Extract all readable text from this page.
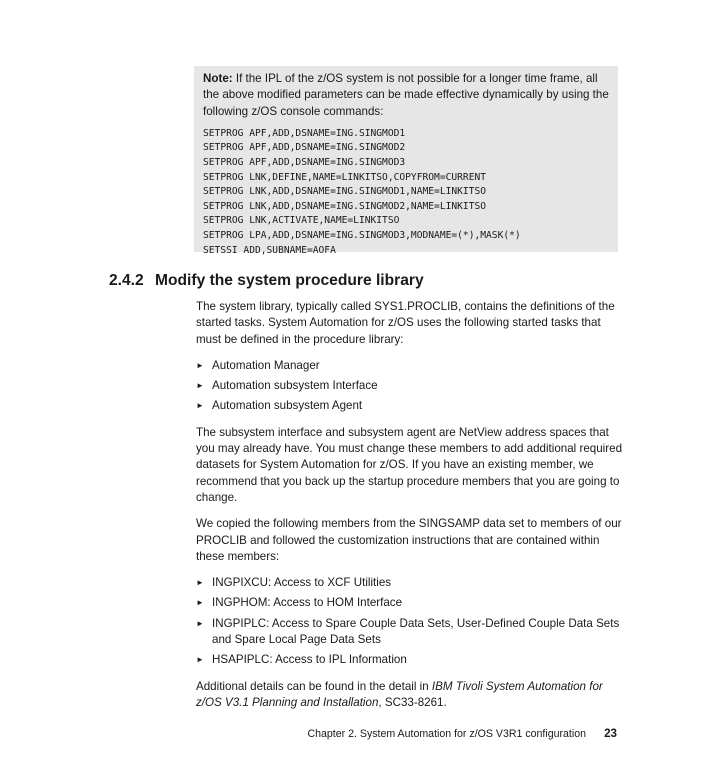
Note: If the IPL of the z/OS system is not possible for a longer time frame, all the above modified parameters can be made effective dynamically by using the following z/OS console commands:

SETPROG APF,ADD,DSNAME=ING.SINGMOD1
SETPROG APF,ADD,DSNAME=ING.SINGMOD2
SETPROG APF,ADD,DSNAME=ING.SINGMOD3
SETPROG LNK,DEFINE,NAME=LINKITSO,COPYFROM=CURRENT
SETPROG LNK,ADD,DSNAME=ING.SINGMOD1,NAME=LINKITSO
SETPROG LNK,ADD,DSNAME=ING.SINGMOD2,NAME=LINKITSO
SETPROG LNK,ACTIVATE,NAME=LINKITSO
SETPROG LPA,ADD,DSNAME=ING.SINGMOD3,MODNAME=(*),MASK(*)
SETSSI ADD,SUBNAME=AOFA
2.4.2 Modify the system procedure library

The system library, typically called SYS1.PROCLIB, contains the definitions of the started tasks. System Automation for z/OS uses the following started tasks that must be defined in the procedure library:

► Automation Manager
► Automation subsystem Interface
► Automation subsystem Agent

The subsystem interface and subsystem agent are NetView address spaces that you may already have. You must change these members to add additional required datasets for System Automation for z/OS. If you have an existing member, we recommend that you back up the startup procedure members that you are going to change.

We copied the following members from the SINGSAMP data set to members of our PROCLIB and followed the customization instructions that are contained within these members:

► INGPIXCU: Access to XCF Utilities
► INGPHOM: Access to HOM Interface
► INGPIPLC: Access to Spare Couple Data Sets, User-Defined Couple Data Sets and Spare Local Page Data Sets
► HSAPIPLC: Access to IPL Information

Additional details can be found in the detail in IBM Tivoli System Automation for z/OS V3.1 Planning and Installation, SC33-8261.

Chapter 2. System Automation for z/OS V3R1 configuration 23
